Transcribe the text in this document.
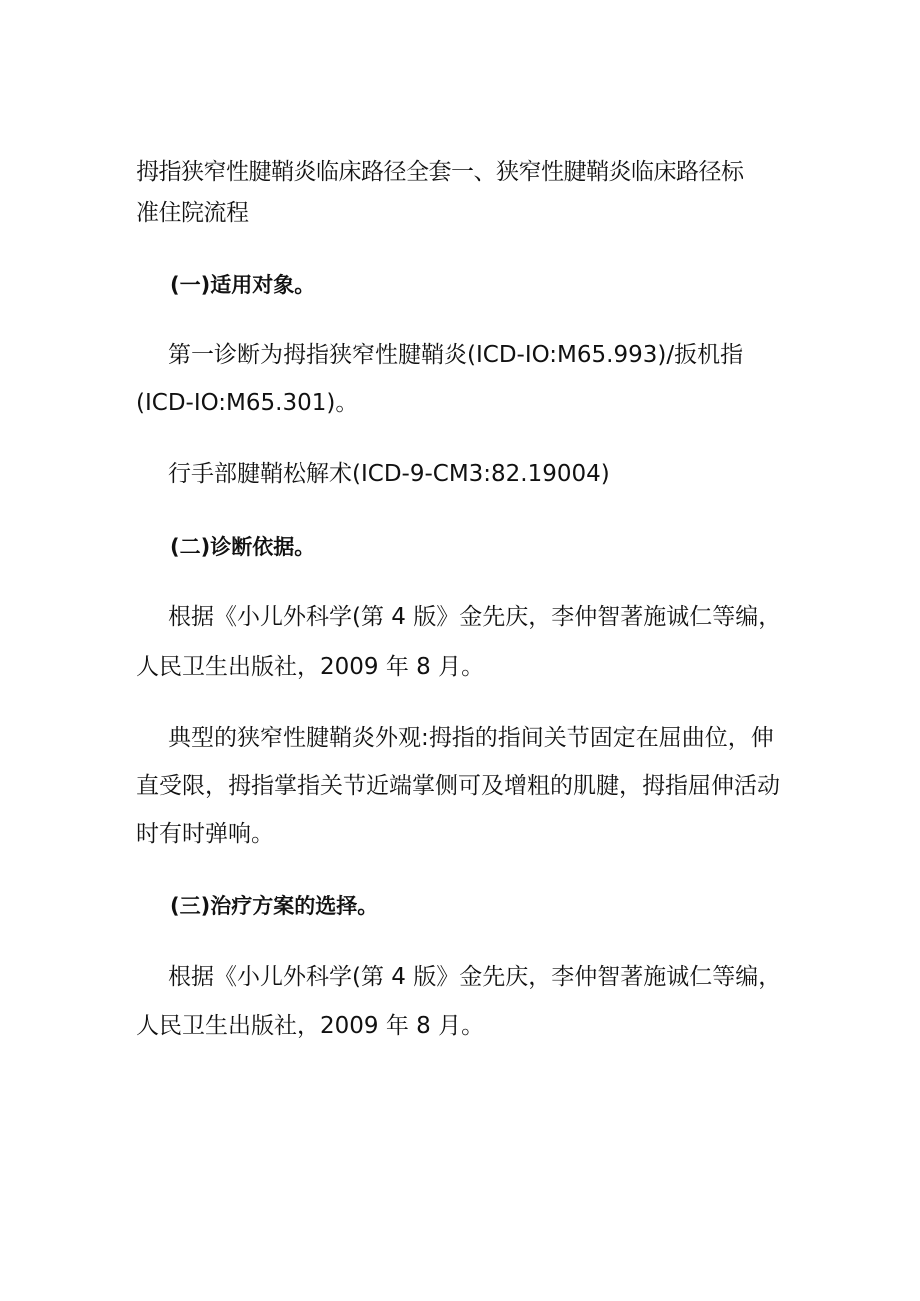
拇指狭窄性腱鞘炎临床路径全套一、狭窄性腱鞘炎临床路径标
准住院流程
(一)适用对象。
第一诊断为拇指狭窄性腱鞘炎(ICD-IO:M65.993)/扳机指
(ICD-IO:M65.301)。
行手部腱鞘松解术(ICD-9-CM3:82.19004)
(二)诊断依据。
根据《小儿外科学(第 4 版》金先庆，李仲智著施诚仁等编，
人民卫生出版社，2009 年 8 月。
典型的狭窄性腱鞘炎外观:拇指的指间关节固定在屈曲位，伸
直受限，拇指掌指关节近端掌侧可及增粗的肌腱，拇指屈伸活动
时有时弹响。
(三)治疗方案的选择。
根据《小儿外科学(第 4 版》金先庆，李仲智著施诚仁等编，
人民卫生出版社，2009 年 8 月。
